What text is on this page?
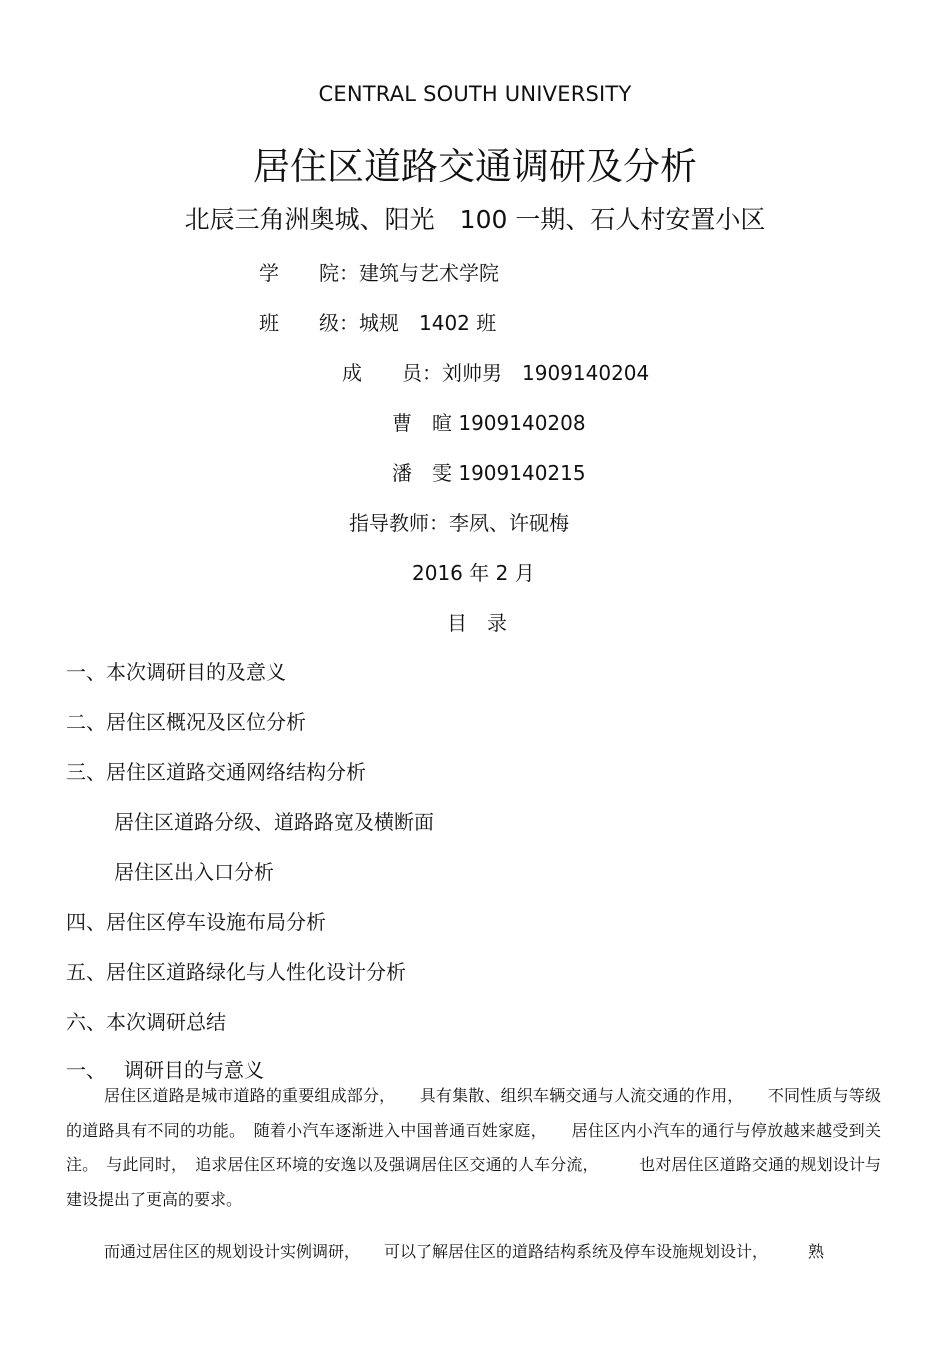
CENTRAL SOUTH UNIVERSITY
居住区道路交通调研及分析
北辰三角洲奥城、阳光　100 一期、石人村安置小区
学　　院：建筑与艺术学院
班　　级：城规　1402 班
成　　员：刘帅男　1909140204
曹　暄 1909140208
潘　雯 1909140215
指导教师：李夙、许砚梅
2016 年 2 月
目　录
一、本次调研目的及意义
二、居住区概况及区位分析
三、居住区道路交通网络结构分析
居住区道路分级、道路路宽及横断面
居住区出入口分析
四、居住区停车设施布局分析
五、居住区道路绿化与人性化设计分析
六、本次调研总结
一、 调研目的与意义

居住区道路是城市道路的重要组成部分，　　具有集散、组织车辆交通与人流交通的作用，　　不同性质与等级的道路具有不同的功能。　随着小汽车逐渐进入中国普通百姓家庭，　　居住区内小汽车的通行与停放越来越受到关注。　与此同时，　追求居住区环境的安逸以及强调居住区交通的人车分流，　　　也对居住区道路交通的规划设计与建设提出了更高的要求。

而通过居住区的规划设计实例调研，　　可以了解居住区的道路结构系统及停车设施规划设计，　　　熟
